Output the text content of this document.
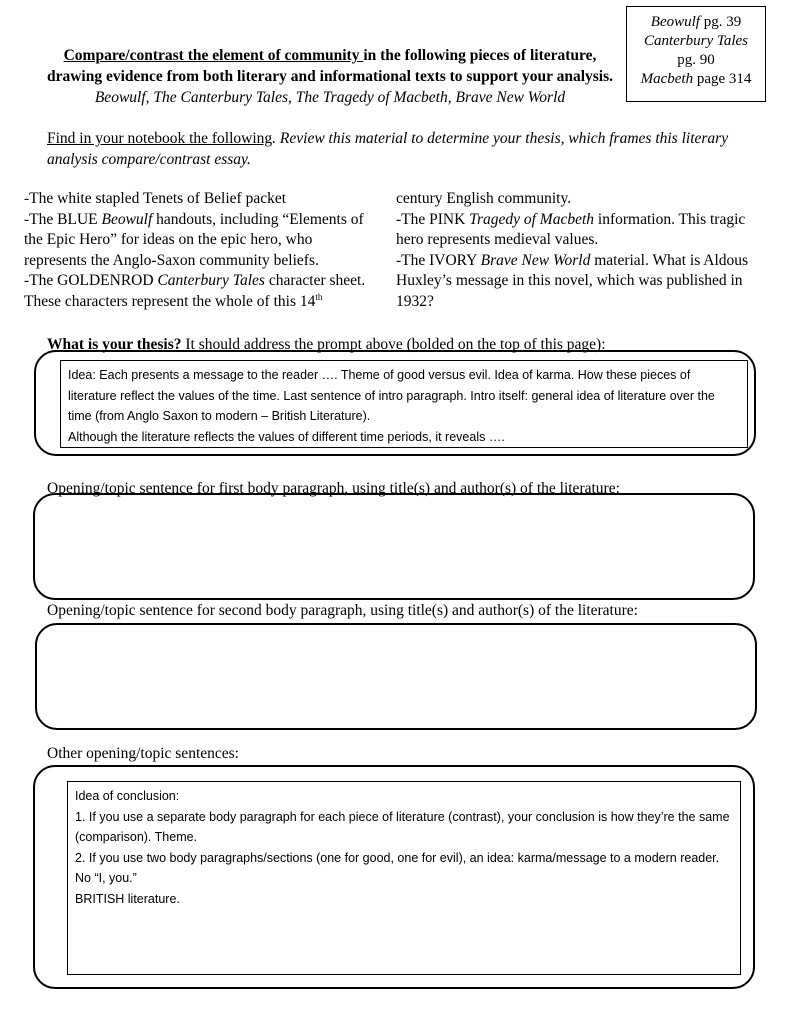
Beowulf pg. 39
Canterbury Tales
pg. 90
Macbeth page 314
Compare/contrast the element of community in the following pieces of literature,
drawing evidence from both literary and informational texts to support your analysis.
Beowulf, The Canterbury Tales, The Tragedy of Macbeth, Brave New World
Find in your notebook the following. Review this material to determine your thesis, which frames this literary analysis compare/contrast essay.
-The white stapled Tenets of Belief packet
-The BLUE Beowulf handouts, including “Elements of the Epic Hero” for ideas on the epic hero, who represents the Anglo-Saxon community beliefs.
-The GOLDENROD Canterbury Tales character sheet. These characters represent the whole of this 14th
century English community.
-The PINK Tragedy of Macbeth information. This tragic hero represents medieval values.
-The IVORY Brave New World material. What is Aldous Huxley’s message in this novel, which was published in 1932?
What is your thesis? It should address the prompt above (bolded on the top of this page):
Idea: Each presents a message to the reader …. Theme of good versus evil. Idea of karma. How these pieces of literature reflect the values of the time. Last sentence of intro paragraph. Intro itself: general idea of literature over the time (from Anglo Saxon to modern – British Literature).
Although the literature reflects the values of different time periods, it reveals ….
Opening/topic sentence for first body paragraph, using title(s) and author(s) of the literature:
Opening/topic sentence for second body paragraph, using title(s) and author(s) of the literature:
Other opening/topic sentences:
Idea of conclusion:
1. If you use a separate body paragraph for each piece of literature (contrast), your conclusion is how they’re the same (comparison). Theme.
2. If you use two body paragraphs/sections (one for good, one for evil), an idea: karma/message to a modern reader. No “I, you.”
BRITISH literature.
